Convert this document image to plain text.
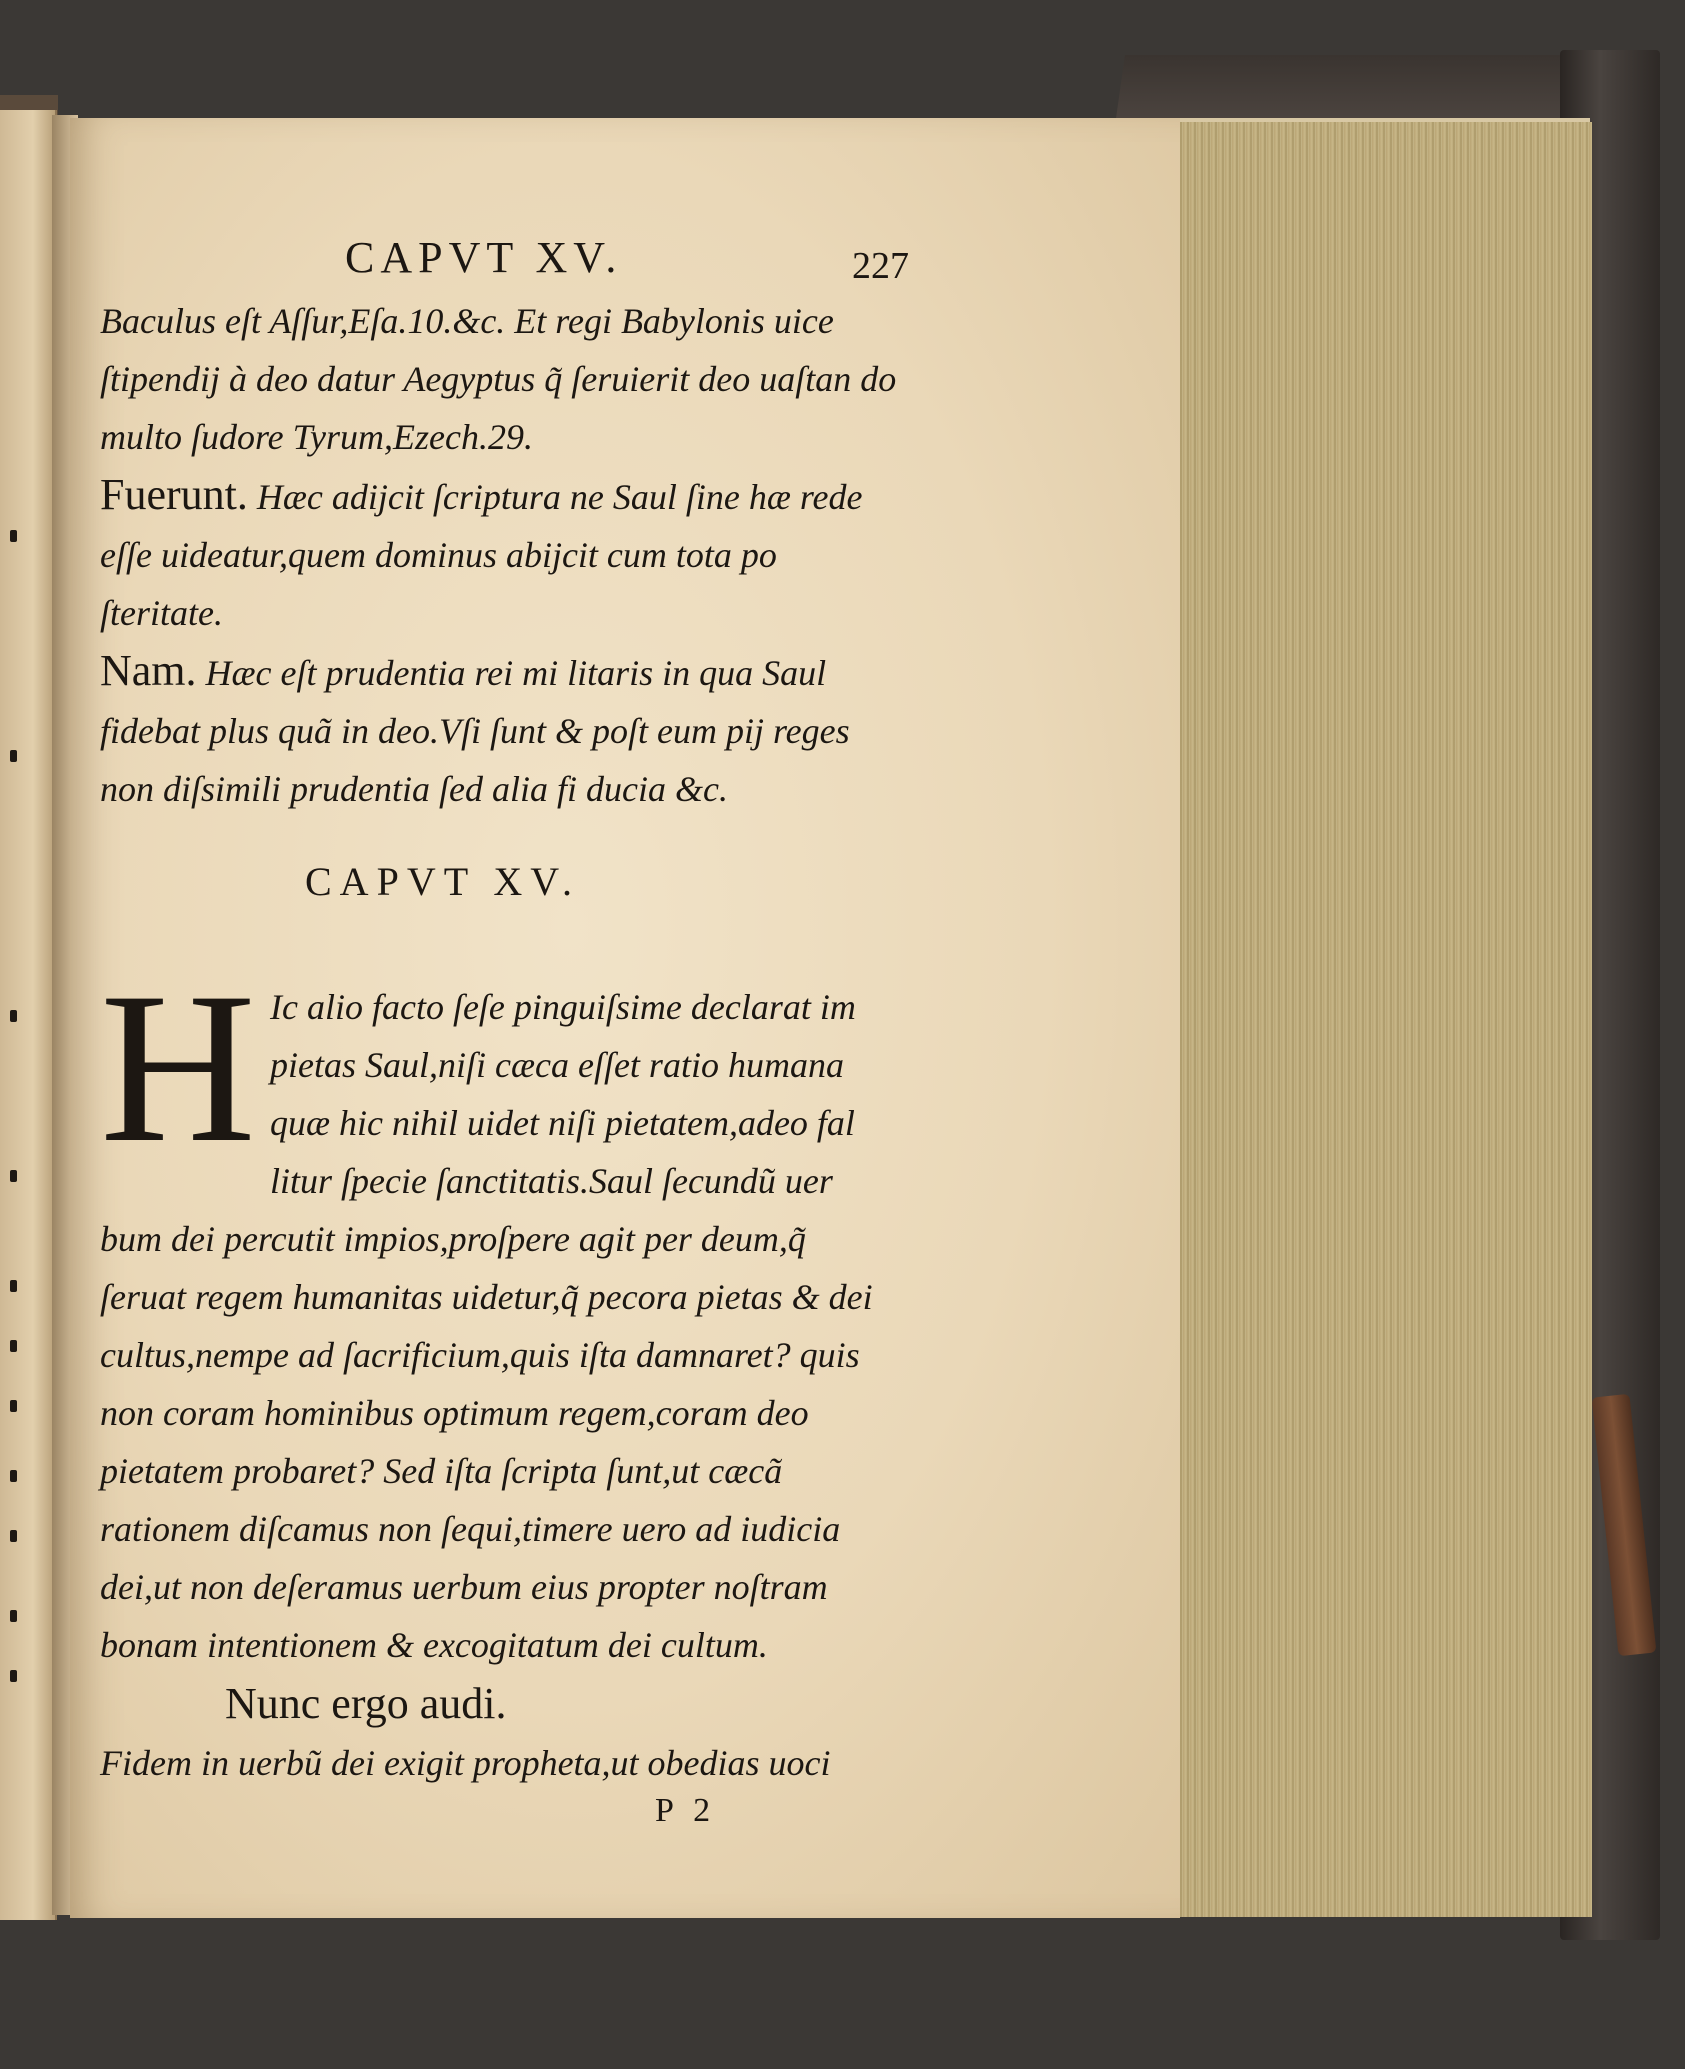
CAPVT XV.	227

Baculus eſt Aſſur,Eſa.10.&c. Et regi Babylonis uice ſtipendij à deo datur Aegyptus q̃ ſeruierit deo uaſtan do multo ſudore Tyrum,Ezech.29.

Fuerunt. Hæc adijcit ſcriptura ne Saul ſine hæ rede eſſe uideatur,quem dominus abijcit cum tota po ſteritate.

Nam. Hæc eſt prudentia rei mi litaris in qua Saul fidebat plus quã in deo.Vſi ſunt & poſt eum pij reges non diſsimili prudentia ſed alia fi ducia &c.

CAPVT XV.
H Ic alio facto ſeſe pinguiſsime declarat im pietas Saul,niſi cæca eſſet ratio humana quæ hic nihil uidet niſi pietatem,adeo fal litur ſpecie ſanctitatis.Saul ſecundũ uer bum dei percutit impios,proſpere agit per deum,q̃ ſeruat regem humanitas uidetur,q̃ pecora pietas & dei cultus,nempe ad ſacrificium,quis iſta damnaret? quis non coram hominibus optimum regem,coram deo pietatem probaret? Sed iſta ſcripta ſunt,ut cæcã rationem diſcamus non ſequi,timere uero ad iudicia dei,ut non deſeramus uerbum eius propter noſtram bonam intentionem & excogitatum dei cultum.

Nunc ergo audi.

Fidem in uerbũ dei exigit propheta,ut obedias uoci

P 2
